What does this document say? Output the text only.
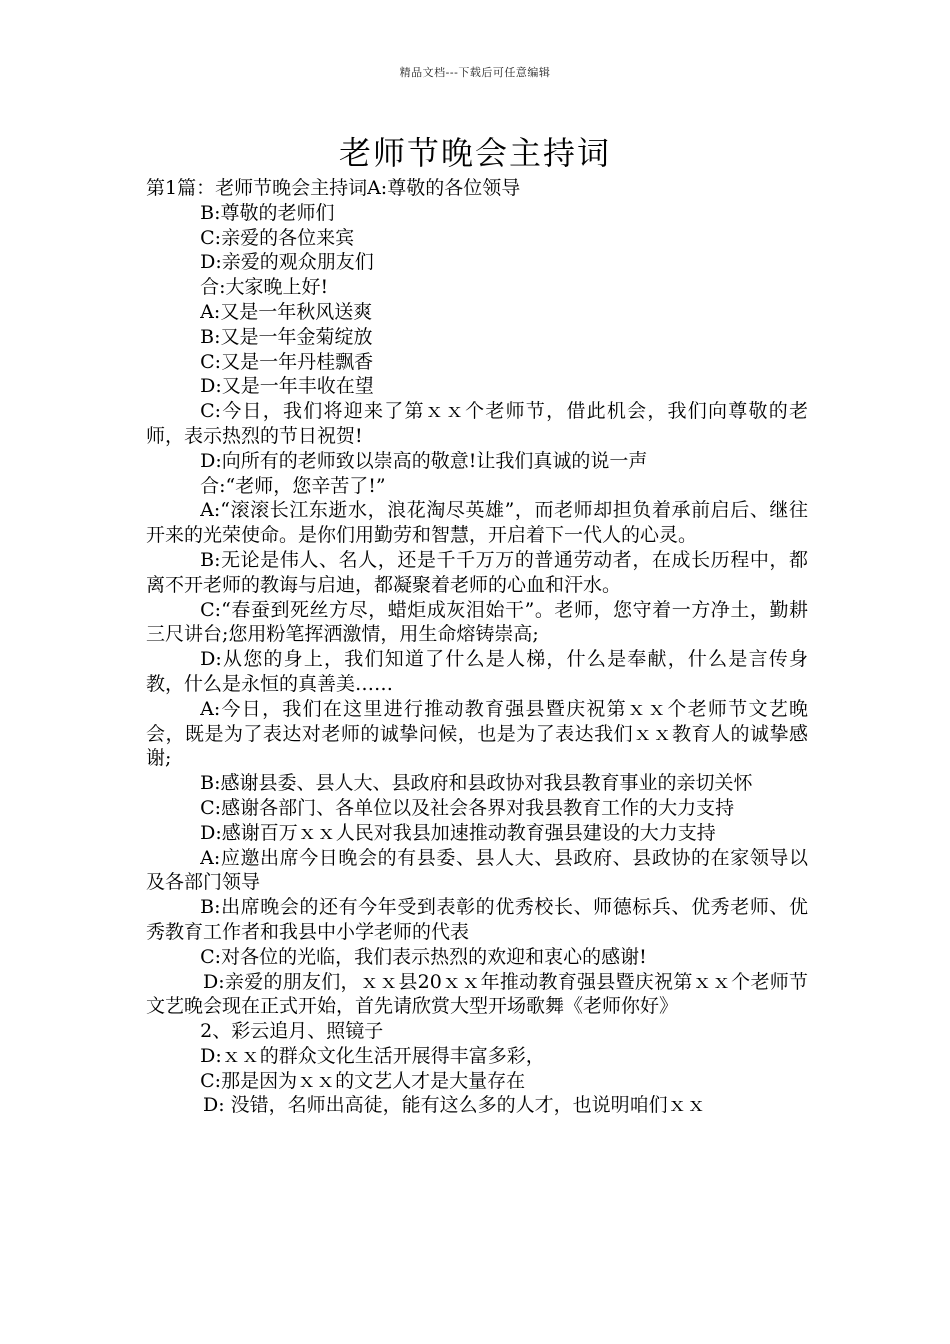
精品文档---下载后可任意编辑
老师节晚会主持词

第1篇：老师节晚会主持词A:尊敬的各位领导

B:尊敬的老师们

C:亲爱的各位来宾

D:亲爱的观众朋友们

合:大家晚上好!

A:又是一年秋风送爽

B:又是一年金菊绽放

C:又是一年丹桂飘香

D:又是一年丰收在望

C:今日，我们将迎来了第ｘｘ个老师节，借此机会，我们向尊敬的老师，表示热烈的节日祝贺!

D:向所有的老师致以崇高的敬意!让我们真诚的说一声

合:“老师，您辛苦了!”

A:“滚滚长江东逝水，浪花淘尽英雄”，而老师却担负着承前启后、继往开来的光荣使命。是你们用勤劳和智慧，开启着下一代人的心灵。

B:无论是伟人、名人，还是千千万万的普通劳动者，在成长历程中，都离不开老师的教诲与启迪，都凝聚着老师的心血和汗水。

C:“春蚕到死丝方尽，蜡炬成灰泪始干”。老师，您守着一方净土，勤耕三尺讲台;您用粉笔挥洒激情，用生命熔铸崇高;

D:从您的身上，我们知道了什么是人梯，什么是奉献，什么是言传身教，什么是永恒的真善美……

A:今日，我们在这里进行推动教育强县暨庆祝第ｘｘ个老师节文艺晚会，既是为了表达对老师的诚挚问候，也是为了表达我们ｘｘ教育人的诚挚感谢;

B:感谢县委、县人大、县政府和县政协对我县教育事业的亲切关怀

C:感谢各部门、各单位以及社会各界对我县教育工作的大力支持

D:感谢百万ｘｘ人民对我县加速推动教育强县建设的大力支持

A:应邀出席今日晚会的有县委、县人大、县政府、县政协的在家领导以及各部门领导

B:出席晚会的还有今年受到表彰的优秀校长、师德标兵、优秀老师、优秀教育工作者和我县中小学老师的代表

C:对各位的光临，我们表示热烈的欢迎和衷心的感谢!

D:亲爱的朋友们，ｘｘ县20ｘｘ年推动教育强县暨庆祝第ｘｘ个老师节文艺晚会现在正式开始，首先请欣赏大型开场歌舞《老师你好》

2、彩云追月、照镜子

D:ｘｘ的群众文化生活开展得丰富多彩，

C:那是因为ｘｘ的文艺人才是大量存在

D: 没错，名师出高徒，能有这么多的人才，也说明咱们ｘｘ
